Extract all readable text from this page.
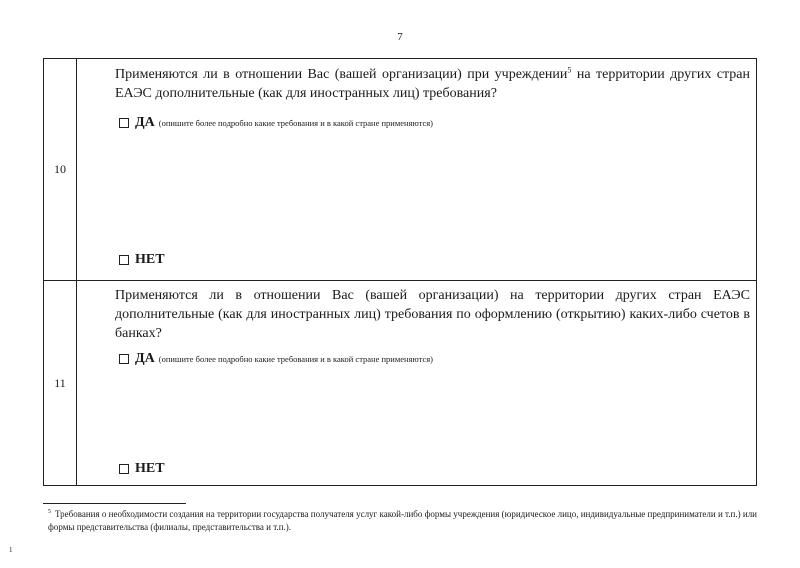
7
10	Применяются ли в отношении Вас (вашей организации) при учреждении$^5$ на территории других стран ЕАЭС дополнительные (как для иностранных лиц) требования?
ДА (опишите более подробно какие требования и в какой стране применяются)
НЕТ

11	Применяются ли в отношении Вас (вашей организации) на территории других стран ЕАЭС дополнительные (как для иностранных лиц) требования по оформлению (открытию) каких-либо счетов в банках?
ДА (опишите более подробно какие требования и в какой стране применяются)
НЕТ
$^5$ Требования о необходимости создания на территории государства получателя услуг какой-либо формы учреждения (юридическое лицо, индивидуальные предприниматели и т.п.) или формы представительства (филиалы, представительства и т.п.).
1
